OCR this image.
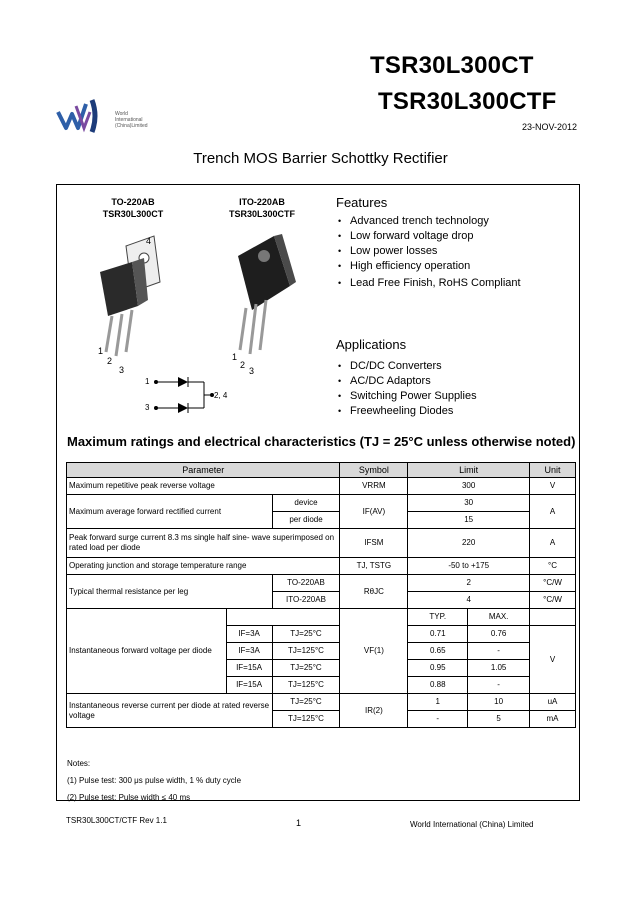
TSR30L300CT
TSR30L300CTF
23-NOV-2012
World
International
(China)Limited
Trench MOS Barrier Schottky Rectifier
TO-220AB
TSR30L300CT
ITO-220AB
TSR30L300CTF
4
1
2
3
1
2
3
1
3
2, 4
Features
• Advanced trench technology
• Low forward voltage drop
• Low power losses
• High efficiency operation
• Lead Free Finish, RoHS Compliant
Applications
• DC/DC Converters
• AC/DC Adaptors
• Switching Power Supplies
• Freewheeling Diodes
Maximum ratings and electrical characteristics (TJ = 25°C unless otherwise noted)
Parameter			Symbol	Limit		Unit
Maximum repetitive peak reverse voltage			VRRM	300		V
Maximum average forward rectified current		device	IF(AV)	30		A
		per diode		15		
Peak forward surge current 8.3 ms single half sine- wave superimposed on rated load per diode			IFSM	220		A
Operating junction and storage temperature range			TJ, TSTG	-50 to +175		°C
Typical thermal resistance per leg		TO-220AB	RθJC	2		°C/W
		ITO-220AB		4		°C/W
Instantaneous forward voltage per diode			VF(1)	TYP.	MAX.	
	IF=3A	TJ=25°C		0.71	0.76	V
	IF=3A	TJ=125°C		0.65	-	
	IF=15A	TJ=25°C		0.95	1.05	
	IF=15A	TJ=125°C		0.88	-	
Instantaneous reverse current per diode at rated reverse voltage		TJ=25°C	IR(2)	1	10	uA
		TJ=125°C		-	5	mA
Notes:
(1) Pulse test: 300 μs pulse width, 1 % duty cycle
(2) Pulse test: Pulse width ≤ 40 ms
TSR30L300CT/CTF Rev 1.1	1	World International (China) Limited
